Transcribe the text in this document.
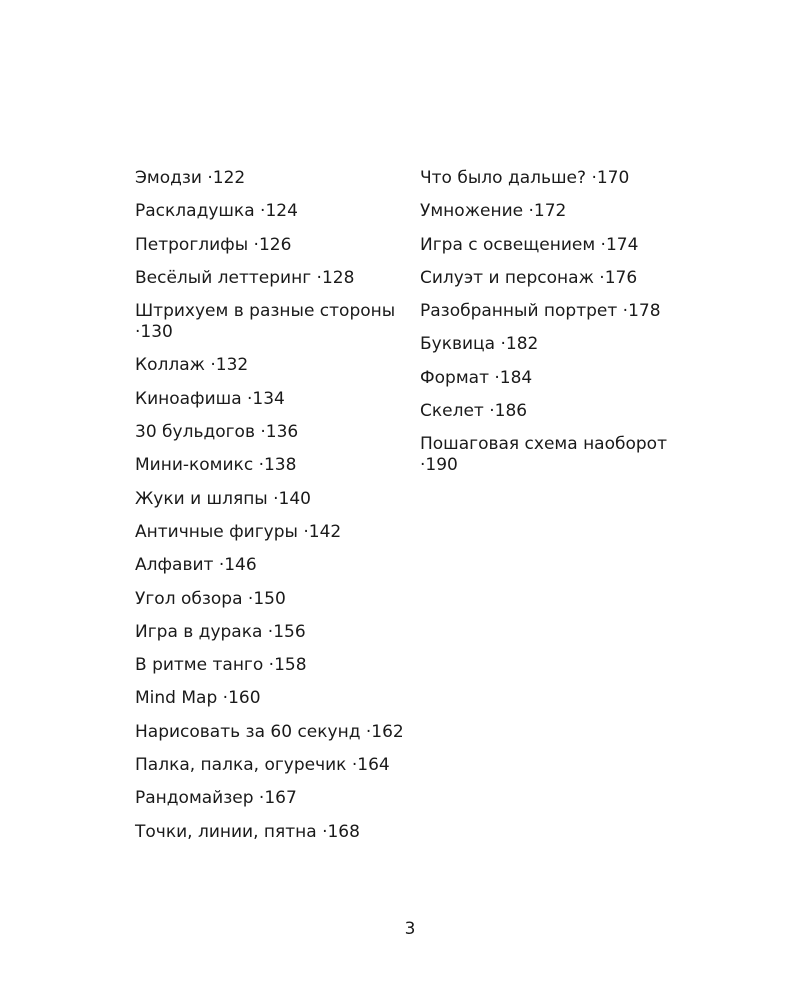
Эмодзи · 122
Раскладушка · 124
Петроглифы · 126
Весёлый леттеринг · 128
Штрихуем в разные стороны · 130
Коллаж · 132
Киноафиша · 134
30 бульдогов · 136
Мини-комикс · 138
Жуки и шляпы · 140
Античные фигуры · 142
Алфавит · 146
Угол обзора · 150
Игра в дурака · 156
В ритме танго · 158
Mind Map · 160
Нарисовать за 60 секунд · 162
Палка, палка, огуречик · 164
Рандомайзер · 167
Точки, линии, пятна · 168
Что было дальше? · 170
Умножение · 172
Игра с освещением · 174
Силуэт и персонаж · 176
Разобранный портрет · 178
Буквица · 182
Формат · 184
Скелет · 186
Пошаговая схема наоборот · 190
3
